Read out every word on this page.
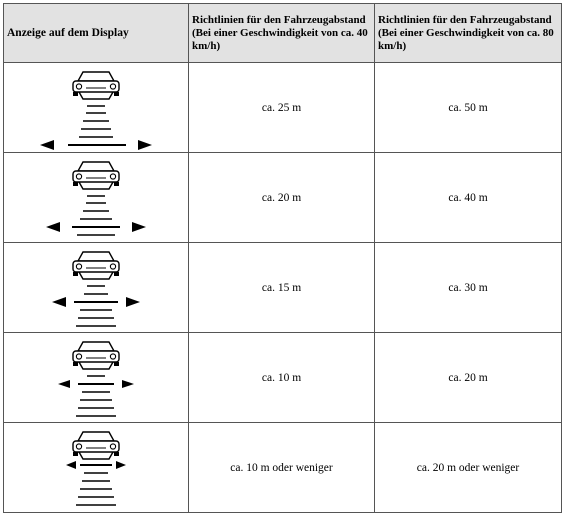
Anzeige auf dem Display	Richtlinien für den Fahrzeugabstand (Bei einer Geschwindigkeit von ca. 40 km/h)	Richtlinien für den Fahrzeugabstand (Bei einer Geschwindigkeit von ca. 80 km/h)

	ca. 25 m	ca. 50 m

	ca. 20 m	ca. 40 m

	ca. 15 m	ca. 30 m

	ca. 10 m	ca. 20 m

	ca. 10 m oder weniger	ca. 20 m oder weniger
